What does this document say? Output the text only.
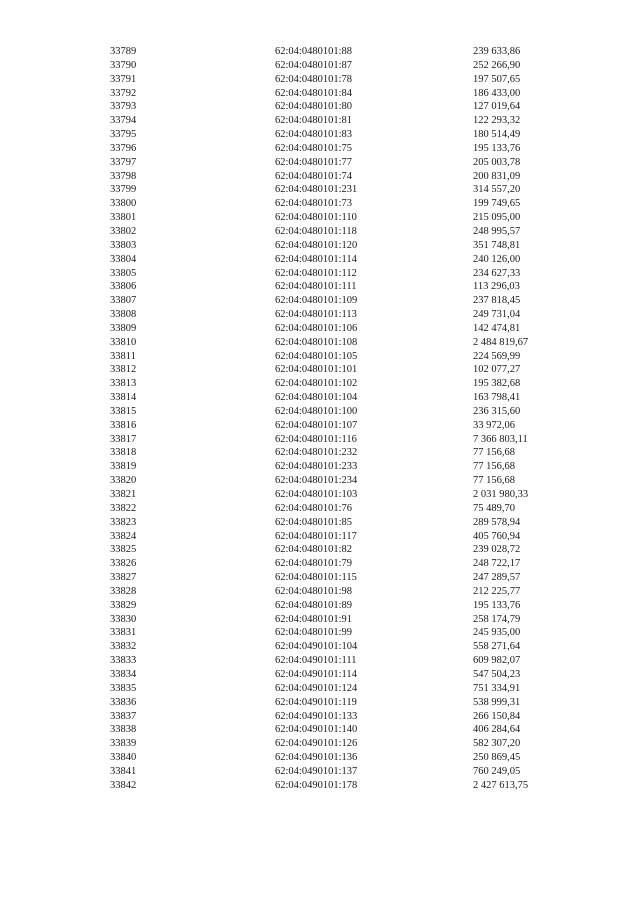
33789	62:04:0480101:88	239 633,86
33790	62:04:0480101:87	252 266,90
33791	62:04:0480101:78	197 507,65
33792	62:04:0480101:84	186 433,00
33793	62:04:0480101:80	127 019,64
33794	62:04:0480101:81	122 293,32
33795	62:04:0480101:83	180 514,49
33796	62:04:0480101:75	195 133,76
33797	62:04:0480101:77	205 003,78
33798	62:04:0480101:74	200 831,09
33799	62:04:0480101:231	314 557,20
33800	62:04:0480101:73	199 749,65
33801	62:04:0480101:110	215 095,00
33802	62:04:0480101:118	248 995,57
33803	62:04:0480101:120	351 748,81
33804	62:04:0480101:114	240 126,00
33805	62:04:0480101:112	234 627,33
33806	62:04:0480101:111	113 296,03
33807	62:04:0480101:109	237 818,45
33808	62:04:0480101:113	249 731,04
33809	62:04:0480101:106	142 474,81
33810	62:04:0480101:108	2 484 819,67
33811	62:04:0480101:105	224 569,99
33812	62:04:0480101:101	102 077,27
33813	62:04:0480101:102	195 382,68
33814	62:04:0480101:104	163 798,41
33815	62:04:0480101:100	236 315,60
33816	62:04:0480101:107	33 972,06
33817	62:04:0480101:116	7 366 803,11
33818	62:04:0480101:232	77 156,68
33819	62:04:0480101:233	77 156,68
33820	62:04:0480101:234	77 156,68
33821	62:04:0480101:103	2 031 980,33
33822	62:04:0480101:76	75 489,70
33823	62:04:0480101:85	289 578,94
33824	62:04:0480101:117	405 760,94
33825	62:04:0480101:82	239 028,72
33826	62:04:0480101:79	248 722,17
33827	62:04:0480101:115	247 289,57
33828	62:04:0480101:98	212 225,77
33829	62:04:0480101:89	195 133,76
33830	62:04:0480101:91	258 174,79
33831	62:04:0480101:99	245 935,00
33832	62:04:0490101:104	558 271,64
33833	62:04:0490101:111	609 982,07
33834	62:04:0490101:114	547 504,23
33835	62:04:0490101:124	751 334,91
33836	62:04:0490101:119	538 999,31
33837	62:04:0490101:133	266 150,84
33838	62:04:0490101:140	406 284,64
33839	62:04:0490101:126	582 307,20
33840	62:04:0490101:136	250 869,45
33841	62:04:0490101:137	760 249,05
33842	62:04:0490101:178	2 427 613,75
